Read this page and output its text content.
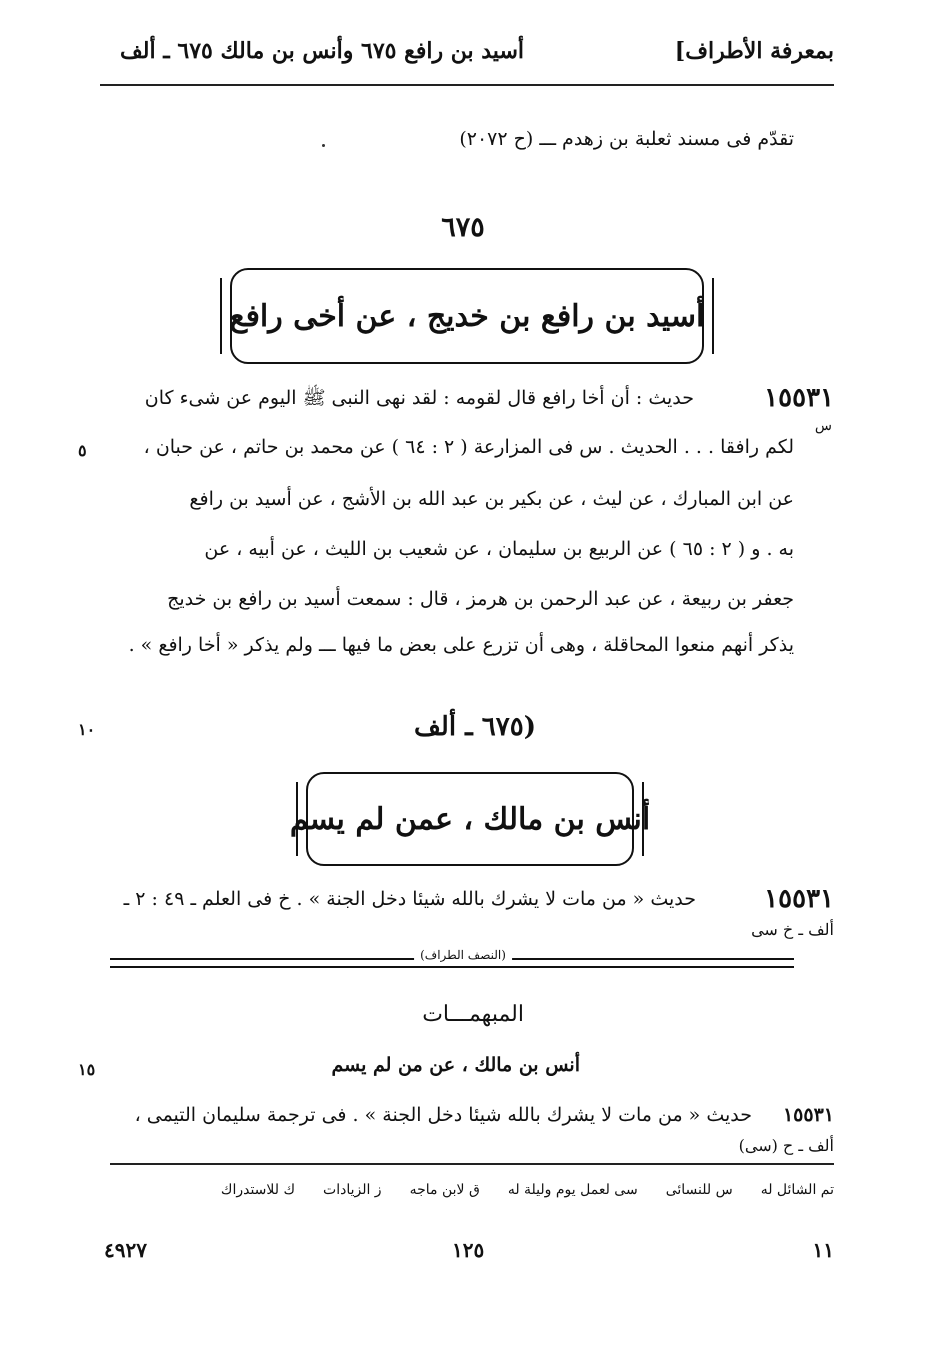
بمعرفة الأطراف]
أسيد بن رافع ٦٧٥ وأنس بن مالك ٦٧٥ ـ ألف
تقدّم فى مسند ثعلبة بن زهدم ـــ (ح ٢٠٧٢)
٦٧٥
أسيد بن رافع بن خديج ، عن أخى رافع
١٥٥٣١
حديث : أن أخا رافع قال لقومه : لقد نهى النبى ﷺ اليوم عن شىء كان
س
لكم رافقا . . . الحديث . س فى المزارعة ( ٢ : ٦٤ ) عن محمد بن حاتم ، عن حبان ،
عن ابن المبارك ، عن ليث ، عن بكير بن عبد الله بن الأشج ، عن أسيد بن رافع
به . و ( ٢ : ٦٥ ) عن الربيع بن سليمان ، عن شعيب بن الليث ، عن أبيه ، عن
جعفر بن ربيعة ، عن عبد الرحمن بن هرمز ، قال : سمعت أسيد بن رافع بن خديج
يذكر أنهم منعوا المحاقلة ، وهى أن تزرع على بعض ما فيها ـــ ولم يذكر « أخا رافع » .
(٦٧٥ ـ ألف
أنس بن مالك ، عمن لم يسم
١٥٥٣١
حديث « من مات لا يشرك بالله شيئا دخل الجنة » . خ فى العلم ـ ٤٩ : ٢ ـ
ألف ـ خ سى
(النصف الطراف)
المبهمـــات
أنس بن مالك ، عن من لم يسم
١٥٥٣١
حديث « من مات لا يشرك بالله شيئا دخل الجنة » . فى ترجمة سليمان التيمى ،
ألف ـ ح (سى)
٥
١٠
١٥
تم الشائل له
س للنسائى
سى لعمل يوم وليلة له
ق لابن ماجه
ز الزيادات
ك للاستدراك
١١
١٢٥
٤٩٢٧
